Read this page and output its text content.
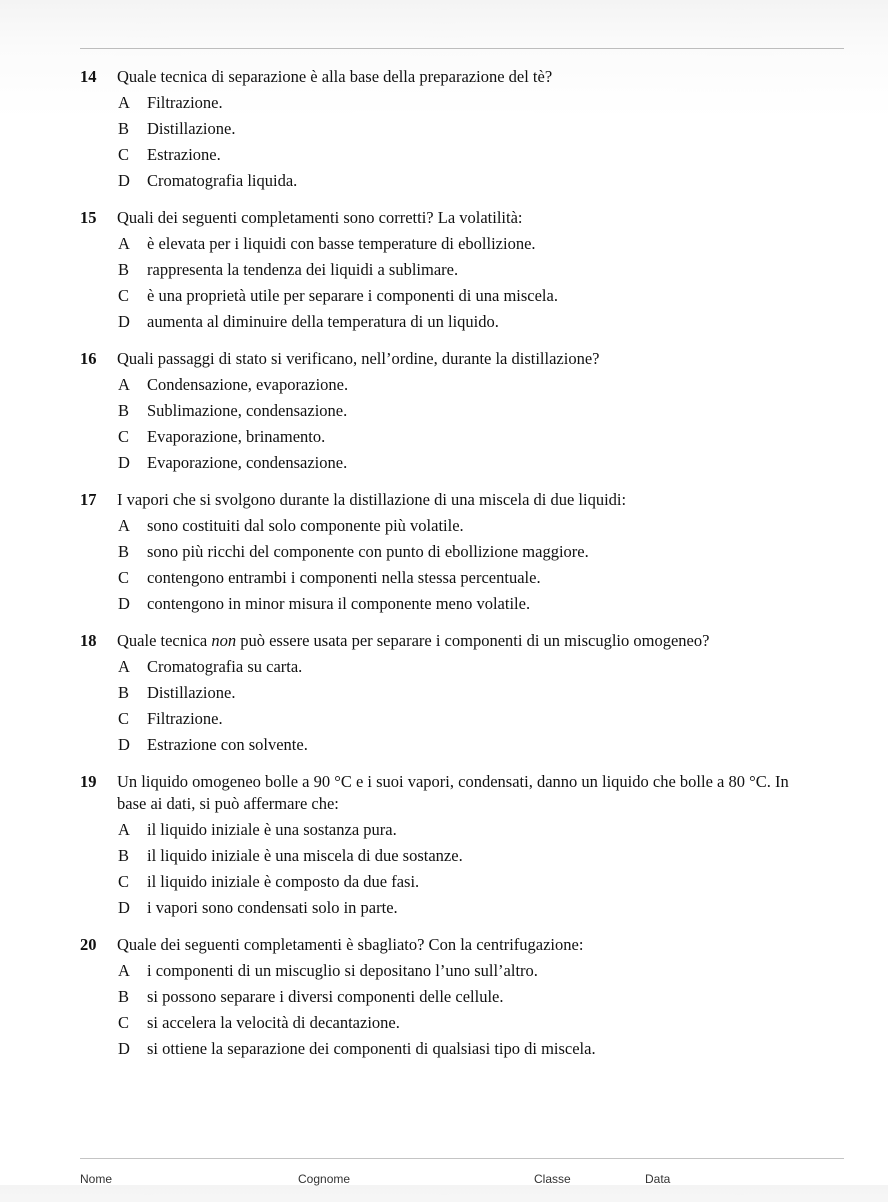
14	Quale tecnica di separazione è alla base della preparazione del tè?
A	Filtrazione.
B	Distillazione.
C	Estrazione.
D	Cromatografia liquida.
15	Quali dei seguenti completamenti sono corretti? La volatilità:
A	è elevata per i liquidi con basse temperature di ebollizione.
B	rappresenta la tendenza dei liquidi a sublimare.
C	è una proprietà utile per separare i componenti di una miscela.
D	aumenta al diminuire della temperatura di un liquido.
16	Quali passaggi di stato si verificano, nell’ordine, durante la distillazione?
A	Condensazione, evaporazione.
B	Sublimazione, condensazione.
C	Evaporazione, brinamento.
D	Evaporazione, condensazione.
17	I vapori che si svolgono durante la distillazione di una miscela di due liquidi:
A	sono costituiti dal solo componente più volatile.
B	sono più ricchi del componente con punto di ebollizione maggiore.
C	contengono entrambi i componenti nella stessa percentuale.
D	contengono in minor misura il componente meno volatile.
18	Quale tecnica non può essere usata per separare i componenti di un miscuglio omogeneo?
A	Cromatografia su carta.
B	Distillazione.
C	Filtrazione.
D	Estrazione con solvente.
19	Un liquido omogeneo bolle a 90 °C e i suoi vapori, condensati, danno un liquido che bolle a 80 °C. In base ai dati, si può affermare che:
A	il liquido iniziale è una sostanza pura.
B	il liquido iniziale è una miscela di due sostanze.
C	il liquido iniziale è composto da due fasi.
D	i vapori sono condensati solo in parte.
20	Quale dei seguenti completamenti è sbagliato? Con la centrifugazione:
A	i componenti di un miscuglio si depositano l’uno sull’altro.
B	si possono separare i diversi componenti delle cellule.
C	si accelera la velocità di decantazione.
D	si ottiene la separazione dei componenti di qualsiasi tipo di miscela.
Nome	Cognome	Classe	Data
